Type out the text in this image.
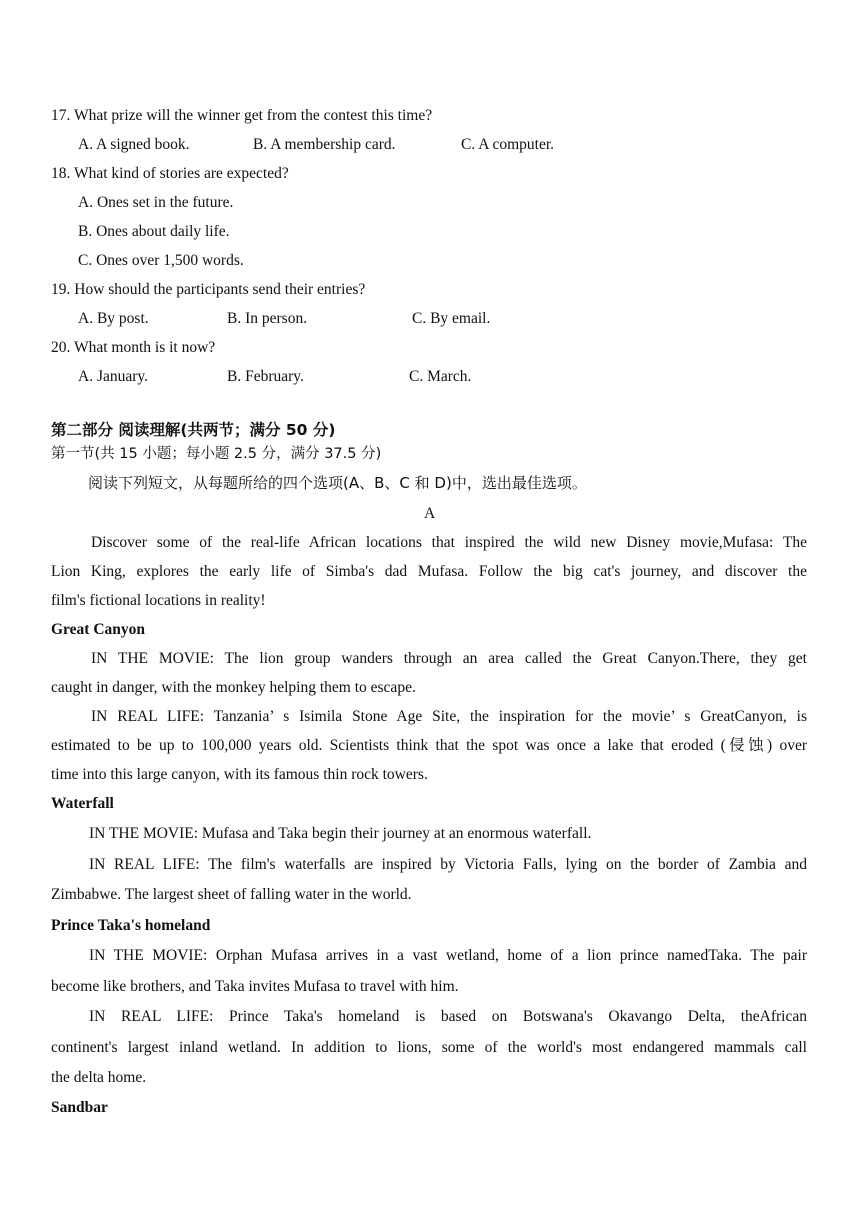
17. What prize will the winner get from the contest this time?
A. A signed book.	B. A membership card.	C. A computer.
18. What kind of stories are expected?
A. Ones set in the future.
B. Ones about daily life.
C. Ones over 1,500 words.
19. How should the participants send their entries?
A. By post.	B. In person.	C. By email.
20. What month is it now?
A. January.	B. February.	C. March.
第二部分 阅读理解(共两节；满分 50 分)
第一节(共 15 小题；每小题 2.5 分，满分 37.5 分)
阅读下列短文，从每题所给的四个选项(A、B、C 和 D)中，选出最佳选项。
A
Discover some of the real-life African locations that inspired the wild new Disney movie,Mufasa: The
Lion King, explores the early life of Simba's dad Mufasa. Follow the big cat's journey, and discover the
film's fictional locations in reality!
Great Canyon
IN THE MOVIE: The lion group wanders through an area called the Great Canyon.There, they get
caught in danger, with the monkey helping them to escape.
IN REAL LIFE: Tanzania’ s Isimila Stone Age Site, the inspiration for the movie’ s GreatCanyon, is
estimated to be up to 100,000 years old. Scientists think that the spot was once a lake that eroded (侵蚀) over
time into this large canyon, with its famous thin rock towers.
Waterfall
IN THE MOVIE: Mufasa and Taka begin their journey at an enormous waterfall.
IN REAL LIFE: The film's waterfalls are inspired by Victoria Falls, lying on the border of Zambia and
Zimbabwe. The largest sheet of falling water in the world.
Prince Taka's homeland
IN THE MOVIE: Orphan Mufasa arrives in a vast wetland, home of a lion prince namedTaka. The pair
become like brothers, and Taka invites Mufasa to travel with him.
IN REAL LIFE: Prince Taka's homeland is based on Botswana's Okavango Delta, theAfrican
continent's largest inland wetland. In addition to lions, some of the world's most endangered mammals call
the delta home.
Sandbar
